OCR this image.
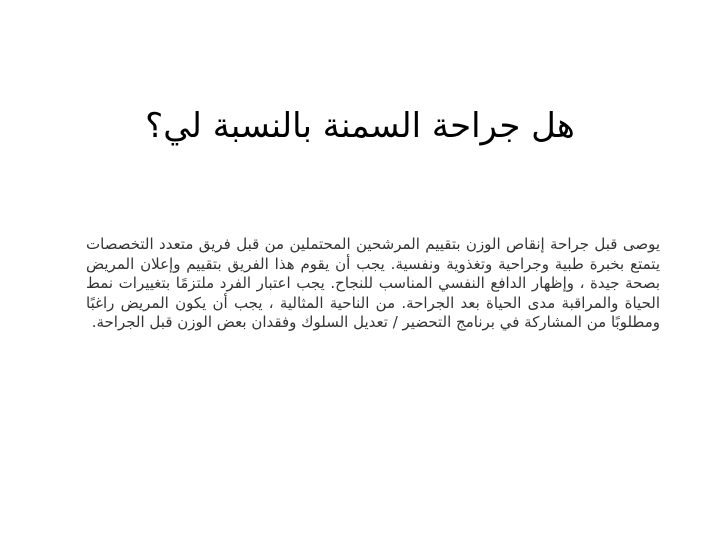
هل جراحة السمنة بالنسبة لي؟

يوصى قبل جراحة إنقاص الوزن بتقييم المرشحين المحتملين من قبل فريق متعدد التخصصات يتمتع بخبرة طبية وجراحية وتغذوية ونفسية. يجب أن يقوم هذا الفريق بتقييم وإعلان المريض بصحة جيدة ، وإظهار الدافع النفسي المناسب للنجاح. يجب اعتبار الفرد ملتزمًا بتغييرات نمط الحياة والمراقبة مدى الحياة بعد الجراحة. من الناحية المثالية ، يجب أن يكون المريض راغبًا ومطلوبًا من المشاركة في برنامج التحضير / تعديل السلوك وفقدان بعض الوزن قبل الجراحة.
